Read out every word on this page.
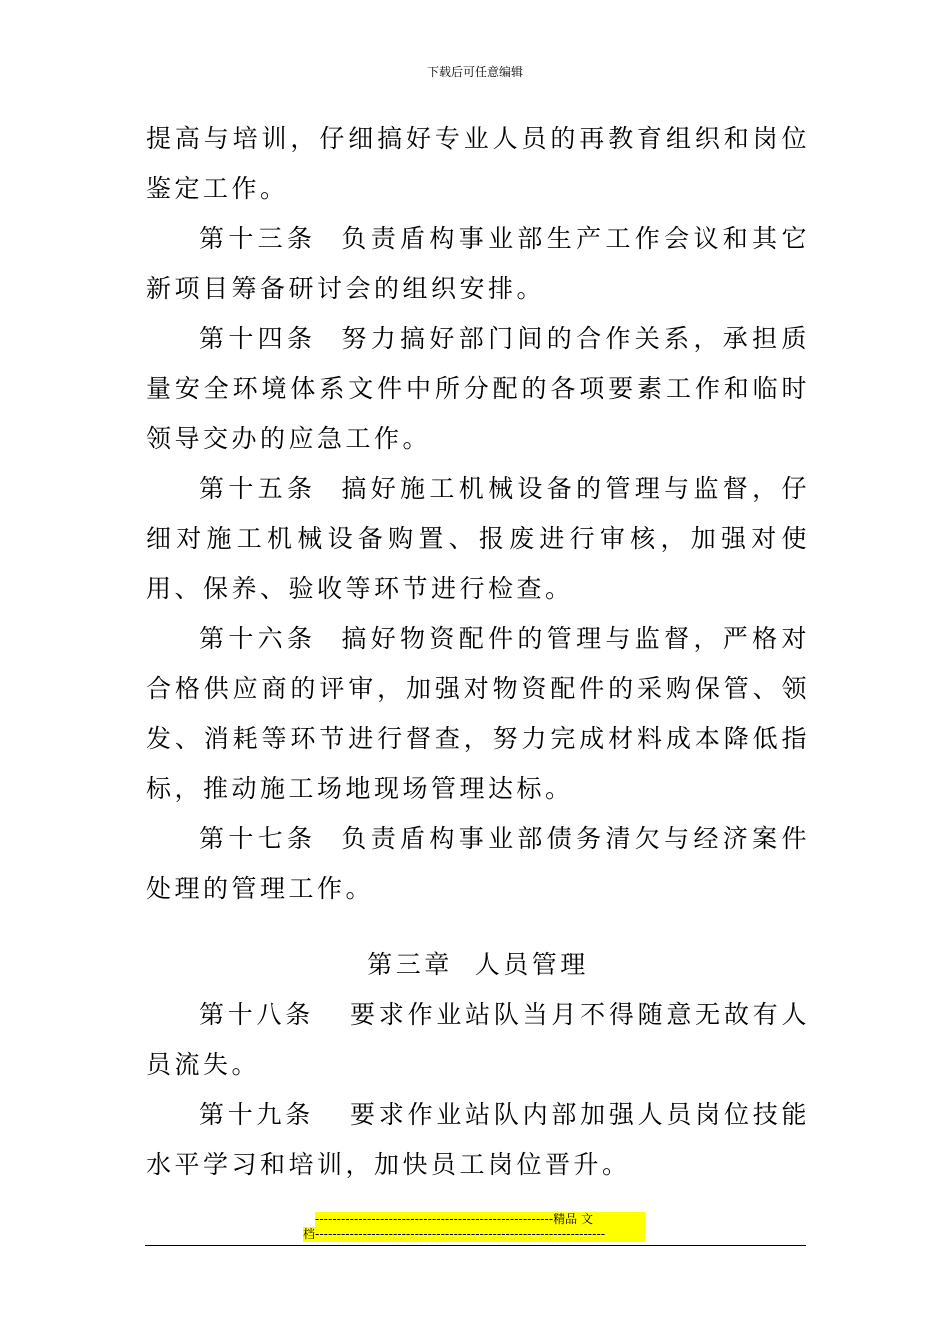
下载后可任意编辑

提高与培训，仔细搞好专业人员的再教育组织和岗位鉴定工作。

第十三条 负责盾构事业部生产工作会议和其它新项目筹备研讨会的组织安排。

第十四条 努力搞好部门间的合作关系，承担质量安全环境体系文件中所分配的各项要素工作和临时领导交办的应急工作。

第十五条 搞好施工机械设备的管理与监督，仔细对施工机械设备购置、报废进行审核，加强对使用、保养、验收等环节进行检查。

第十六条 搞好物资配件的管理与监督，严格对合格供应商的评审，加强对物资配件的采购保管、领发、消耗等环节进行督查，努力完成材料成本降低指标，推动施工场地现场管理达标。

第十七条 负责盾构事业部债务清欠与经济案件处理的管理工作。

第三章 人员管理

第十八条 要求作业站队当月不得随意无故有人员流失。

第十九条 要求作业站队内部加强人员岗位技能水平学习和培训，加快员工岗位晋升。

-------------------------------------------------------精品 文
档-------------------------------------------------------------------
